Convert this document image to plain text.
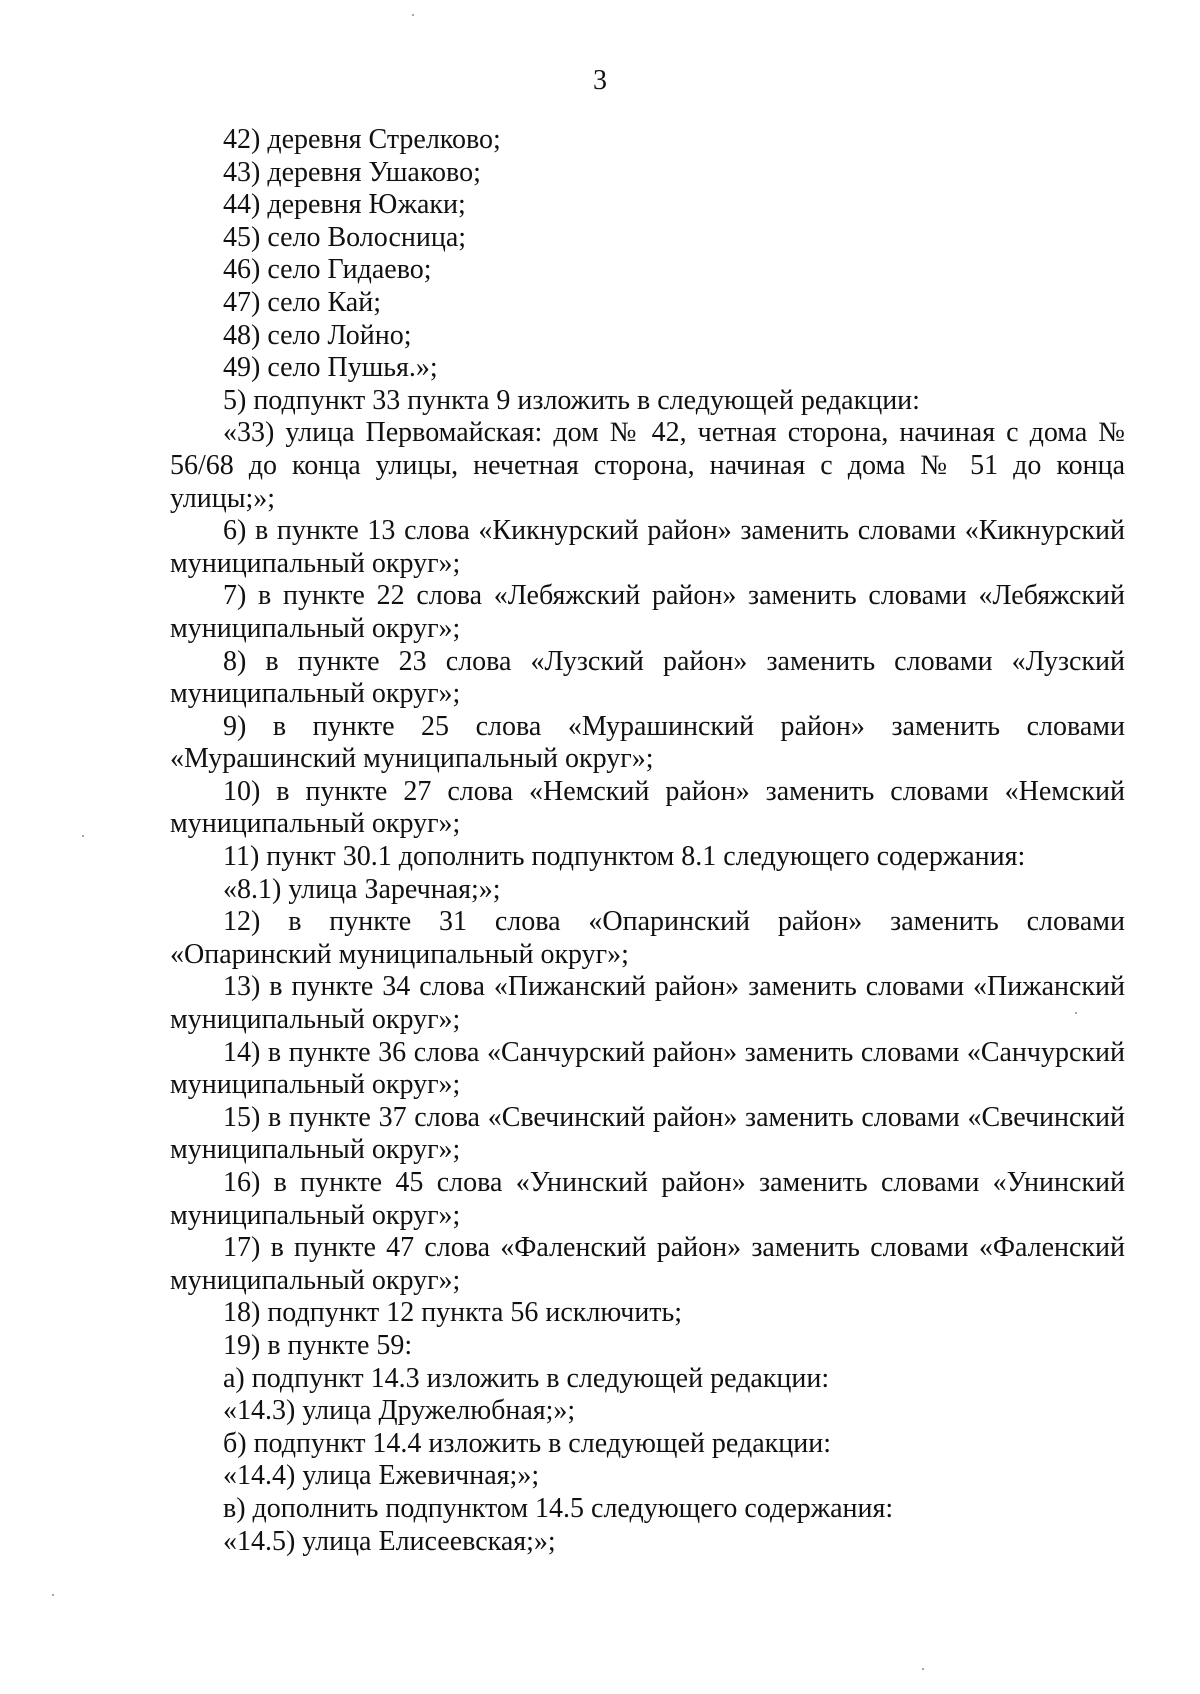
3

42) деревня Стрелково;

43) деревня Ушаково;

44) деревня Южаки;

45) село Волосница;

46) село Гидаево;

47) село Кай;

48) село Лойно;

49) село Пушья.»;

5) подпункт 33 пункта 9 изложить в следующей редакции:

«33) улица Первомайская: дом № 42, четная сторона, начиная с дома № 56/68 до конца улицы, нечетная сторона, начиная с дома № 51 до конца улицы;»;

6) в пункте 13 слова «Кикнурский район» заменить словами «Кикнурский муниципальный округ»;

7) в пункте 22 слова «Лебяжский район» заменить словами «Лебяжский муниципальный округ»;

8) в пункте 23 слова «Лузский район» заменить словами «Лузский муниципальный округ»;

9) в пункте 25 слова «Мурашинский район» заменить словами «Мурашинский муниципальный округ»;

10) в пункте 27 слова «Немский район» заменить словами «Немский муниципальный округ»;

11) пункт 30.1 дополнить подпунктом 8.1 следующего содержания:

«8.1) улица Заречная;»;

12) в пункте 31 слова «Опаринский район» заменить словами «Опаринский муниципальный округ»;

13) в пункте 34 слова «Пижанский район» заменить словами «Пижанский муниципальный округ»;

14) в пункте 36 слова «Санчурский район» заменить словами «Санчурский муниципальный округ»;

15) в пункте 37 слова «Свечинский район» заменить словами «Свечинский муниципальный округ»;

16) в пункте 45 слова «Унинский район» заменить словами «Унинский муниципальный округ»;

17) в пункте 47 слова «Фаленский район» заменить словами «Фаленский муниципальный округ»;

18) подпункт 12 пункта 56 исключить;

19) в пункте 59:

а) подпункт 14.3 изложить в следующей редакции:

«14.3) улица Дружелюбная;»;

б) подпункт 14.4 изложить в следующей редакции:

«14.4) улица Ежевичная;»;

в) дополнить подпунктом 14.5 следующего содержания:

«14.5) улица Елисеевская;»;
